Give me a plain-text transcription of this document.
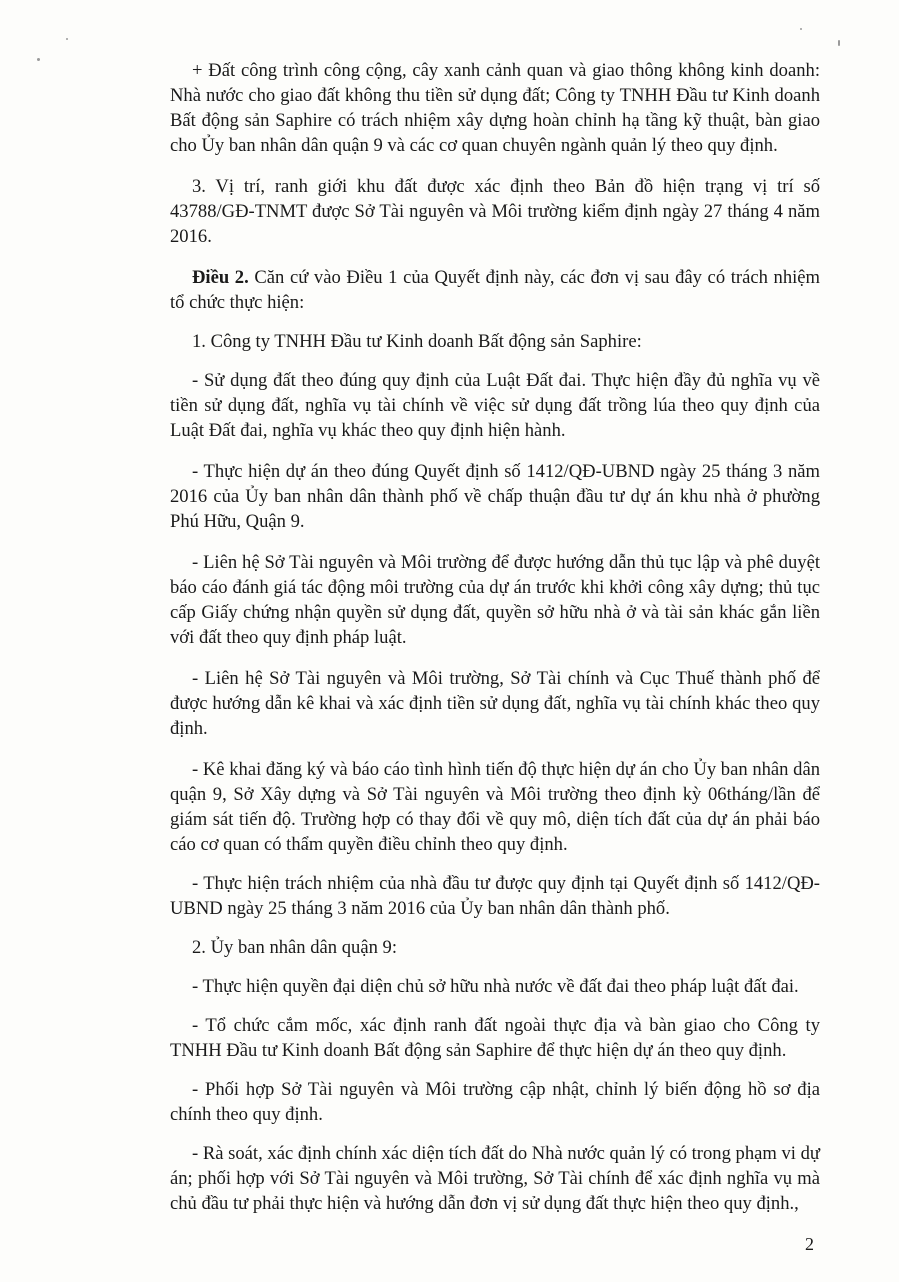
+ Đất công trình công cộng, cây xanh cảnh quan và giao thông không kinh doanh: Nhà nước cho giao đất không thu tiền sử dụng đất; Công ty TNHH Đầu tư Kinh doanh Bất động sản Saphire có trách nhiệm xây dựng hoàn chỉnh hạ tầng kỹ thuật, bàn giao cho Ủy ban nhân dân quận 9 và các cơ quan chuyên ngành quản lý theo quy định.

3. Vị trí, ranh giới khu đất được xác định theo Bản đồ hiện trạng vị trí số 43788/GĐ-TNMT được Sở Tài nguyên và Môi trường kiểm định ngày 27 tháng 4 năm 2016.

Điều 2. Căn cứ vào Điều 1 của Quyết định này, các đơn vị sau đây có trách nhiệm tổ chức thực hiện:

1. Công ty TNHH Đầu tư Kinh doanh Bất động sản Saphire:

- Sử dụng đất theo đúng quy định của Luật Đất đai. Thực hiện đầy đủ nghĩa vụ về tiền sử dụng đất, nghĩa vụ tài chính về việc sử dụng đất trồng lúa theo quy định của Luật Đất đai, nghĩa vụ khác theo quy định hiện hành.

- Thực hiện dự án theo đúng Quyết định số 1412/QĐ-UBND ngày 25 tháng 3 năm 2016 của Ủy ban nhân dân thành phố về chấp thuận đầu tư dự án khu nhà ở phường Phú Hữu, Quận 9.

- Liên hệ Sở Tài nguyên và Môi trường để được hướng dẫn thủ tục lập và phê duyệt báo cáo đánh giá tác động môi trường của dự án trước khi khởi công xây dựng; thủ tục cấp Giấy chứng nhận quyền sử dụng đất, quyền sở hữu nhà ở và tài sản khác gắn liền với đất theo quy định pháp luật.

- Liên hệ Sở Tài nguyên và Môi trường, Sở Tài chính và Cục Thuế thành phố để được hướng dẫn kê khai và xác định tiền sử dụng đất, nghĩa vụ tài chính khác theo quy định.

- Kê khai đăng ký và báo cáo tình hình tiến độ thực hiện dự án cho Ủy ban nhân dân quận 9, Sở Xây dựng và Sở Tài nguyên và Môi trường theo định kỳ 06tháng/lần để giám sát tiến độ. Trường hợp có thay đổi về quy mô, diện tích đất của dự án phải báo cáo cơ quan có thẩm quyền điều chỉnh theo quy định.

- Thực hiện trách nhiệm của nhà đầu tư được quy định tại Quyết định số 1412/QĐ-UBND ngày 25 tháng 3 năm 2016 của Ủy ban nhân dân thành phố.

2. Ủy ban nhân dân quận 9:

- Thực hiện quyền đại diện chủ sở hữu nhà nước về đất đai theo pháp luật đất đai.

- Tổ chức cắm mốc, xác định ranh đất ngoài thực địa và bàn giao cho Công ty TNHH Đầu tư Kinh doanh Bất động sản Saphire để thực hiện dự án theo quy định.

- Phối hợp Sở Tài nguyên và Môi trường cập nhật, chỉnh lý biến động hồ sơ địa chính theo quy định.

- Rà soát, xác định chính xác diện tích đất do Nhà nước quản lý có trong phạm vi dự án; phối hợp với Sở Tài nguyên và Môi trường, Sở Tài chính để xác định nghĩa vụ mà chủ đầu tư phải thực hiện và hướng dẫn đơn vị sử dụng đất thực hiện theo quy định.,

2
